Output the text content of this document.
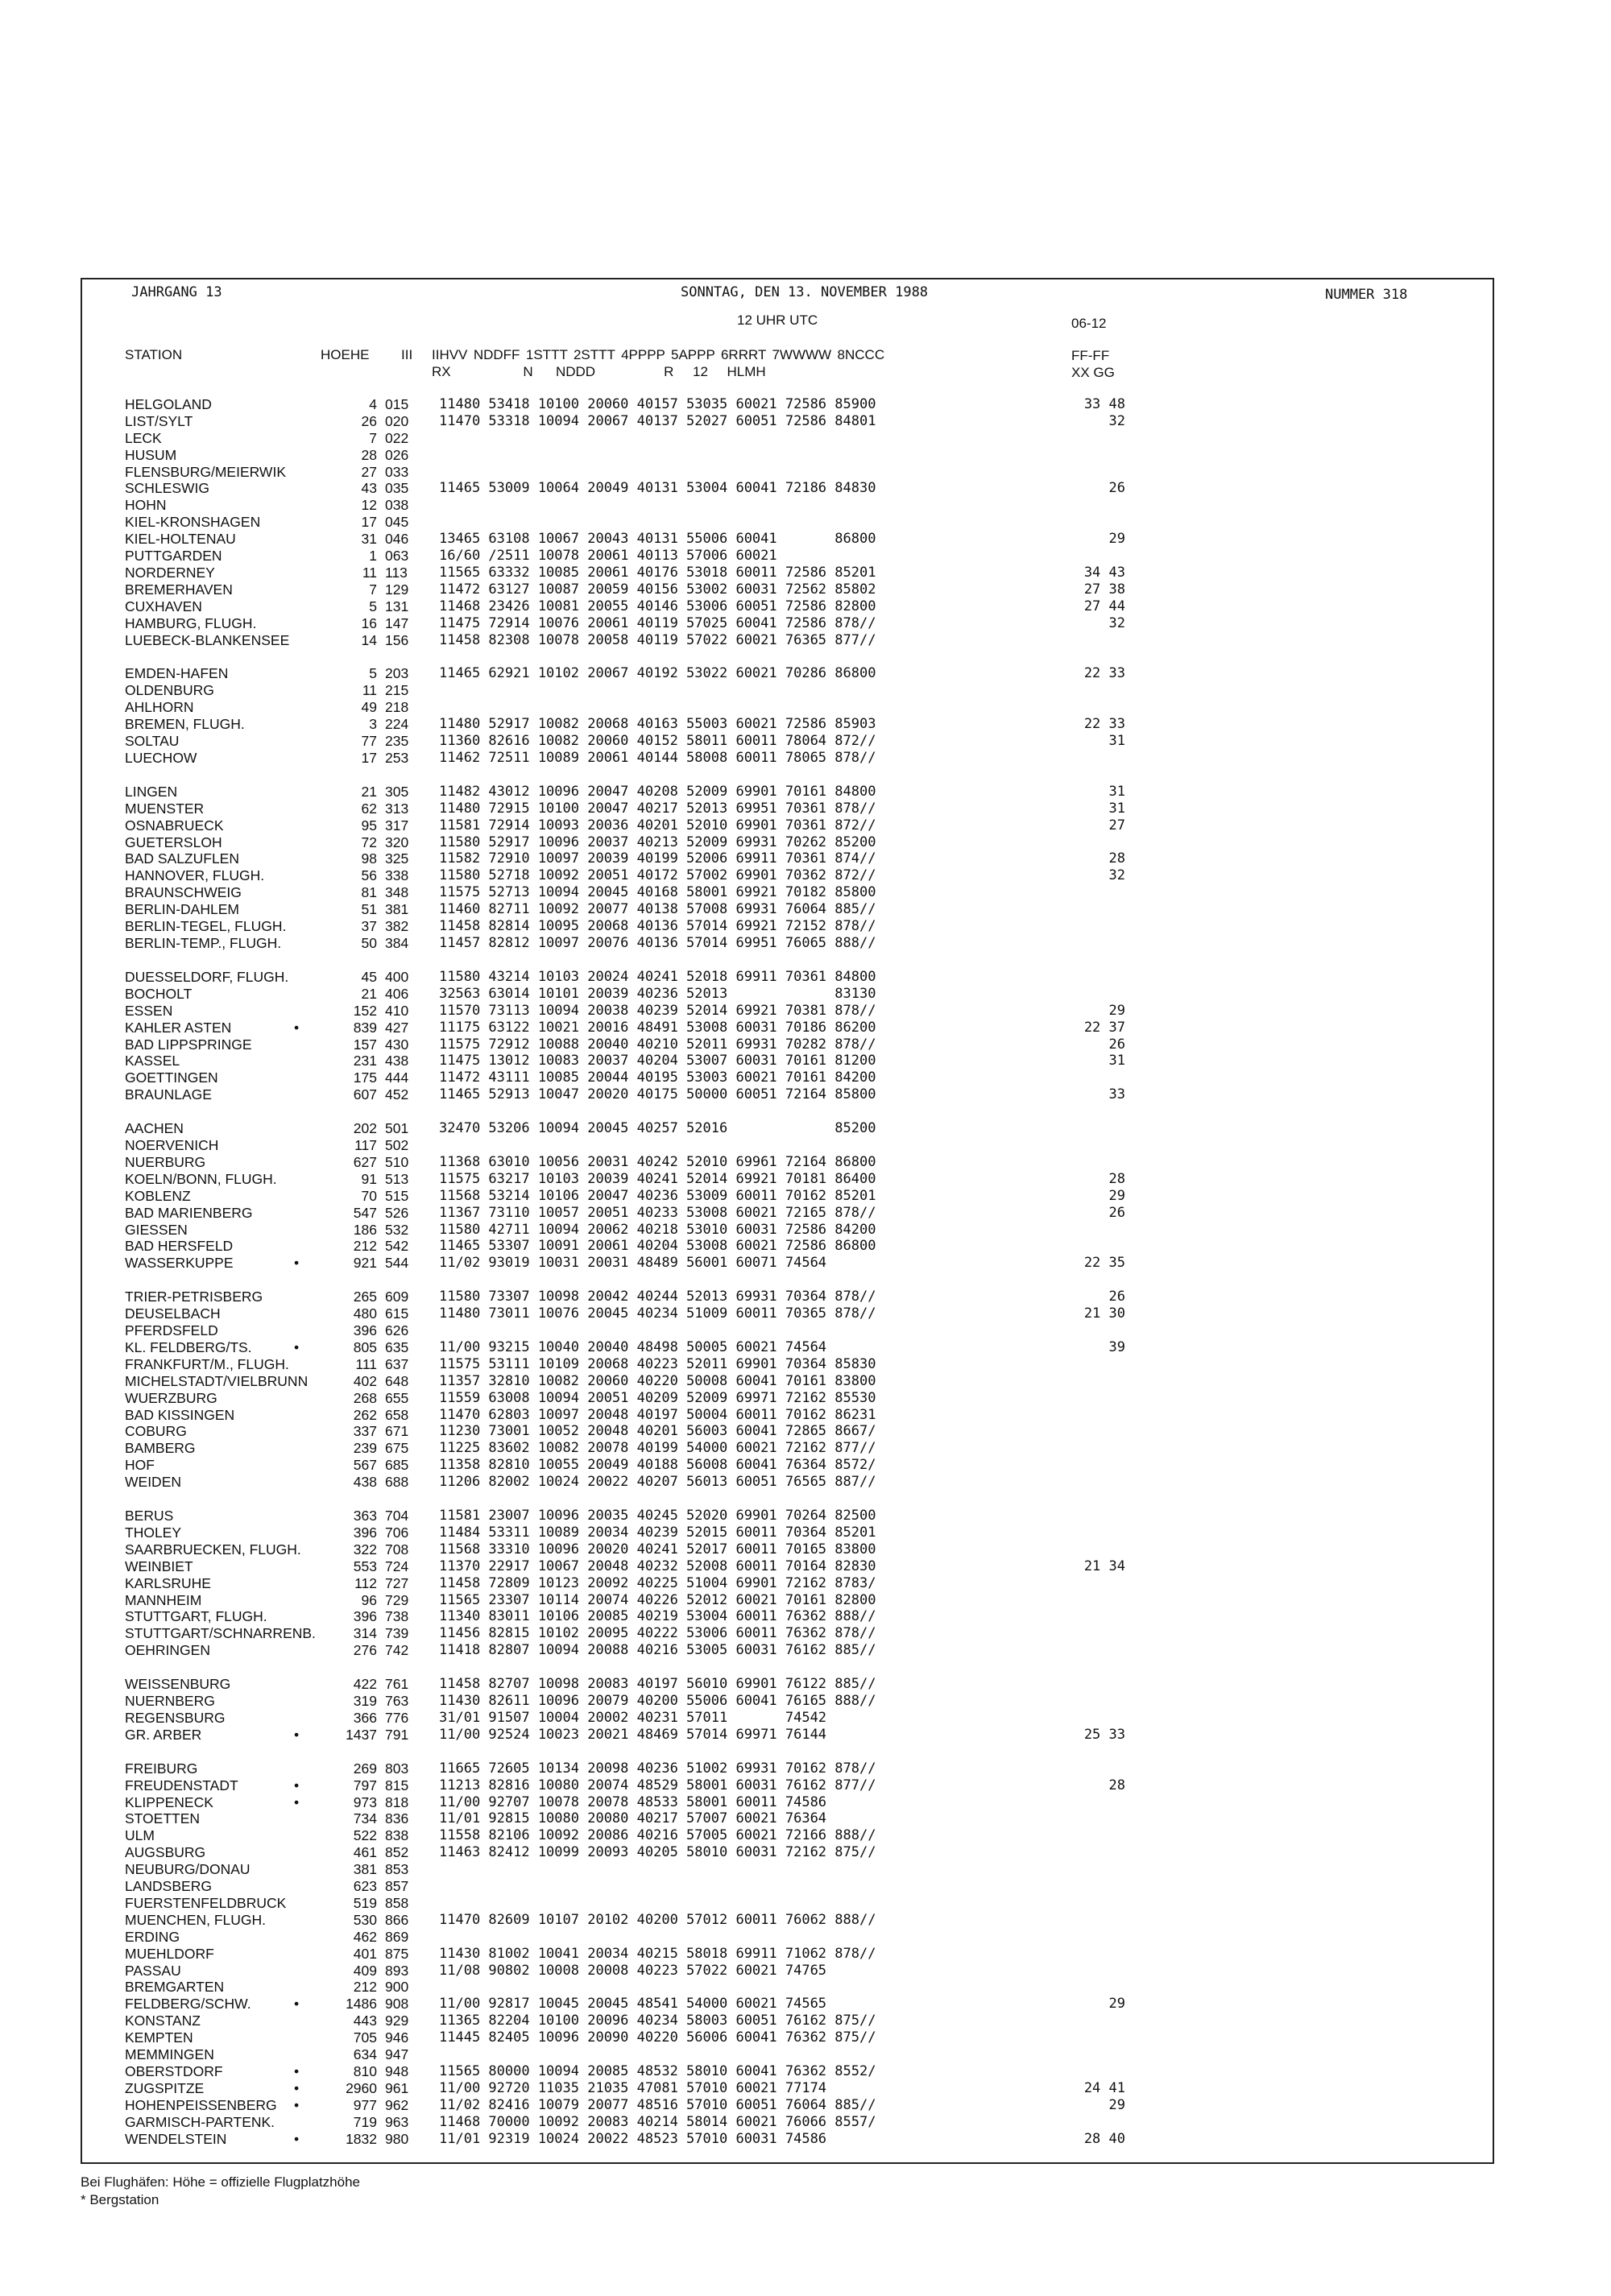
JAHRGANG 13	SONNTAG, DEN 13. NOVEMBER 1988	NUMMER 318
12 UHR UTC	06-12
STATION	HOEHE III IIHVV  NDDFF  1STTT  2STTT  4PPPP  5APPP  6RRRT  7WWWW  8NCCC
RX                   N      NDDD                  R     12     HLMH
FF-FF
XX GG
HELGOLAND	4 015 11480 53418 10100 20060 40157 53035 60021 72586 85900	33 48
LIST/SYLT	26 020 11470 53318 10094 20067 40137 52027 60051 72586 84801	32
LECK	7 022
HUSUM	28 026
FLENSBURG/MEIERWIK	27 033
SCHLESWIG	43 035 11465 53009 10064 20049 40131 53004 60041 72186 84830	26
HOHN	12 038
KIEL-KRONSHAGEN	17 045
KIEL-HOLTENAU	31 046 13465 63108 10067 20043 40131 55006 60041       86800	29
PUTTGARDEN	1 063 16/60 /2511 10078 20061 40113 57006 60021
NORDERNEY	11 113 11565 63332 10085 20061 40176 53018 60011 72586 85201	34 43
BREMERHAVEN	7 129 11472 63127 10087 20059 40156 53002 60031 72562 85802	27 38
CUXHAVEN	5 131 11468 23426 10081 20055 40146 53006 60051 72586 82800	27 44
HAMBURG, FLUGH.	16 147 11475 72914 10076 20061 40119 57025 60041 72586 878//	32
LUEBECK-BLANKENSEE	14 156 11458 82308 10078 20058 40119 57022 60021 76365 877//
EMDEN-HAFEN	5 203 11465 62921 10102 20067 40192 53022 60021 70286 86800	22 33
OLDENBURG	11 215
AHLHORN	49 218
BREMEN, FLUGH.	3 224 11480 52917 10082 20068 40163 55003 60021 72586 85903	22 33
SOLTAU	77 235 11360 82616 10082 20060 40152 58011 60011 78064 872//	31
LUECHOW	17 253 11462 72511 10089 20061 40144 58008 60011 78065 878//
LINGEN	21 305 11482 43012 10096 20047 40208 52009 69901 70161 84800	31
MUENSTER	62 313 11480 72915 10100 20047 40217 52013 69951 70361 878//	31
OSNABRUECK	95 317 11581 72914 10093 20036 40201 52010 69901 70361 872//	27
GUETERSLOH	72 320 11580 52917 10096 20037 40213 52009 69931 70262 85200
BAD SALZUFLEN	98 325 11582 72910 10097 20039 40199 52006 69911 70361 874//	28
HANNOVER, FLUGH.	56 338 11580 52718 10092 20051 40172 57002 69901 70362 872//	32
BRAUNSCHWEIG	81 348 11575 52713 10094 20045 40168 58001 69921 70182 85800
BERLIN-DAHLEM	51 381 11460 82711 10092 20077 40138 57008 69931 76064 885//
BERLIN-TEGEL, FLUGH.	37 382 11458 82814 10095 20068 40136 57014 69921 72152 878//
BERLIN-TEMP., FLUGH.	50 384 11457 82812 10097 20076 40136 57014 69951 76065 888//
DUESSELDORF, FLUGH.	45 400 11580 43214 10103 20024 40241 52018 69911 70361 84800
BOCHOLT	21 406 32563 63014 10101 20039 40236 52013             83130
ESSEN	152 410 11570 73113 10094 20038 40239 52014 69921 70381 878//	29
KAHLER ASTEN	•	839 427 11175 63122 10021 20016 48491 53008 60031 70186 86200	22 37
BAD LIPPSPRINGE	157 430 11575 72912 10088 20040 40210 52011 69931 70282 878//	26
KASSEL	231 438 11475 13012 10083 20037 40204 53007 60031 70161 81200	31
GOETTINGEN	175 444 11472 43111 10085 20044 40195 53003 60021 70161 84200
BRAUNLAGE	607 452 11465 52913 10047 20020 40175 50000 60051 72164 85800	33
AACHEN	202 501 32470 53206 10094 20045 40257 52016             85200
NOERVENICH	117 502
NUERBURG	627 510 11368 63010 10056 20031 40242 52010 69961 72164 86800
KOELN/BONN, FLUGH.	91 513 11575 63217 10103 20039 40241 52014 69921 70181 86400	28
KOBLENZ	70 515 11568 53214 10106 20047 40236 53009 60011 70162 85201	29
BAD MARIENBERG	547 526 11367 73110 10057 20051 40233 53008 60021 72165 878//	26
GIESSEN	186 532 11580 42711 10094 20062 40218 53010 60031 72586 84200
BAD HERSFELD	212 542 11465 53307 10091 20061 40204 53008 60021 72586 86800
WASSERKUPPE	•	921 544 11/02 93019 10031 20031 48489 56001 60071 74564	22 35
TRIER-PETRISBERG	265 609 11580 73307 10098 20042 40244 52013 69931 70364 878//	26
DEUSELBACH	480 615 11480 73011 10076 20045 40234 51009 60011 70365 878//	21 30
PFERDSFELD	396 626
KL. FELDBERG/TS.	•	805 635 11/00 93215 10040 20040 48498 50005 60021 74564	39
FRANKFURT/M., FLUGH.	111 637 11575 53111 10109 20068 40223 52011 69901 70364 85830
MICHELSTADT/VIELBRUNN	402 648 11357 32810 10082 20060 40220 50008 60041 70161 83800
WUERZBURG	268 655 11559 63008 10094 20051 40209 52009 69971 72162 85530
BAD KISSINGEN	262 658 11470 62803 10097 20048 40197 50004 60011 70162 86231
COBURG	337 671 11230 73001 10052 20048 40201 56003 60041 72865 8667/
BAMBERG	239 675 11225 83602 10082 20078 40199 54000 60021 72162 877//
HOF	567 685 11358 82810 10055 20049 40188 56008 60041 76364 8572/
WEIDEN	438 688 11206 82002 10024 20022 40207 56013 60051 76565 887//
BERUS	363 704 11581 23007 10096 20035 40245 52020 69901 70264 82500
THOLEY	396 706 11484 53311 10089 20034 40239 52015 60011 70364 85201
SAARBRUECKEN, FLUGH.	322 708 11568 33310 10096 20020 40241 52017 60011 70165 83800
WEINBIET	553 724 11370 22917 10067 20048 40232 52008 60011 70164 82830	21 34
KARLSRUHE	112 727 11458 72809 10123 20092 40225 51004 69901 72162 8783/
MANNHEIM	96 729 11565 23307 10114 20074 40226 52012 60021 70161 82800
STUTTGART, FLUGH.	396 738 11340 83011 10106 20085 40219 53004 60011 76362 888//
STUTTGART/SCHNARRENB.	314 739 11456 82815 10102 20095 40222 53006 60011 76362 878//
OEHRINGEN	276 742 11418 82807 10094 20088 40216 53005 60031 76162 885//
WEISSENBURG	422 761 11458 82707 10098 20083 40197 56010 69901 76122 885//
NUERNBERG	319 763 11430 82611 10096 20079 40200 55006 60041 76165 888//
REGENSBURG	366 776 31/01 91507 10004 20002 40231 57011       74542
GR. ARBER	•	1437 791 11/00 92524 10023 20021 48469 57014 69971 76144	25 33
FREIBURG	269 803 11665 72605 10134 20098 40236 51002 69931 70162 878//
FREUDENSTADT	•	797 815 11213 82816 10080 20074 48529 58001 60031 76162 877//	28
KLIPPENECK	•	973 818 11/00 92707 10078 20078 48533 58001 60011 74586
STOETTEN	734 836 11/01 92815 10080 20080 40217 57007 60021 76364
ULM	522 838 11558 82106 10092 20086 40216 57005 60021 72166 888//
AUGSBURG	461 852 11463 82412 10099 20093 40205 58010 60031 72162 875//
NEUBURG/DONAU	381 853
LANDSBERG	623 857
FUERSTENFELDBRUCK	519 858
MUENCHEN, FLUGH.	530 866 11470 82609 10107 20102 40200 57012 60011 76062 888//
ERDING	462 869
MUEHLDORF	401 875 11430 81002 10041 20034 40215 58018 69911 71062 878//
PASSAU	409 893 11/08 90802 10008 20008 40223 57022 60021 74765
BREMGARTEN	212 900
FELDBERG/SCHW.	•	1486 908 11/00 92817 10045 20045 48541 54000 60021 74565	29
KONSTANZ	443 929 11365 82204 10100 20096 40234 58003 60051 76162 875//
KEMPTEN	705 946 11445 82405 10096 20090 40220 56006 60041 76362 875//
MEMMINGEN	634 947
OBERSTDORF	•	810 948 11565 80000 10094 20085 48532 58010 60041 76362 8552/
ZUGSPITZE	•	2960 961 11/00 92720 11035 21035 47081 57010 60021 77174	24 41
HOHENPEISSENBERG •	977 962 11/02 82416 10079 20077 48516 57010 60051 76064 885//	29
GARMISCH-PARTENK.	719 963 11468 70000 10092 20083 40214 58014 60021 76066 8557/
WENDELSTEIN	•	1832 980 11/01 92319 10024 20022 48523 57010 60031 74586	28 40
Bei Flughäfen: Höhe = offizielle Flugplatzhöhe
* Bergstation
